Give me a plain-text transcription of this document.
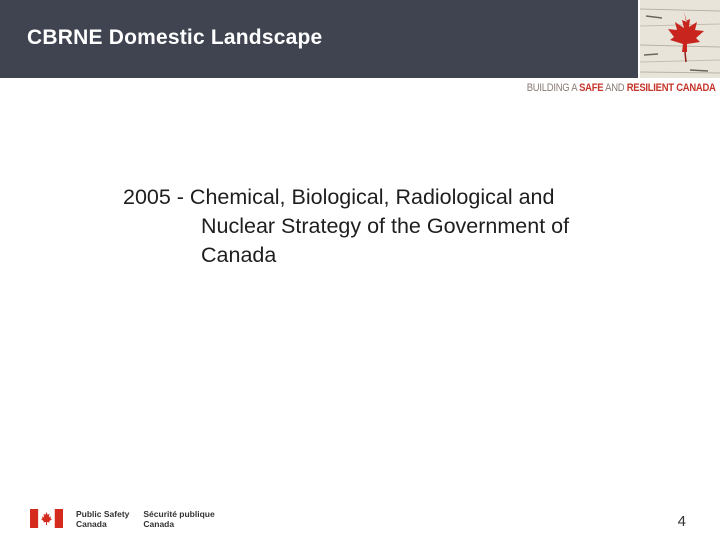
CBRNE Domestic Landscape
BUILDING A SAFE AND RESILIENT CANADA
2005 - Chemical, Biological, Radiological and
Nuclear Strategy of the Government of
Canada
Public Safety
Canada
Sécurité publique
Canada	4
